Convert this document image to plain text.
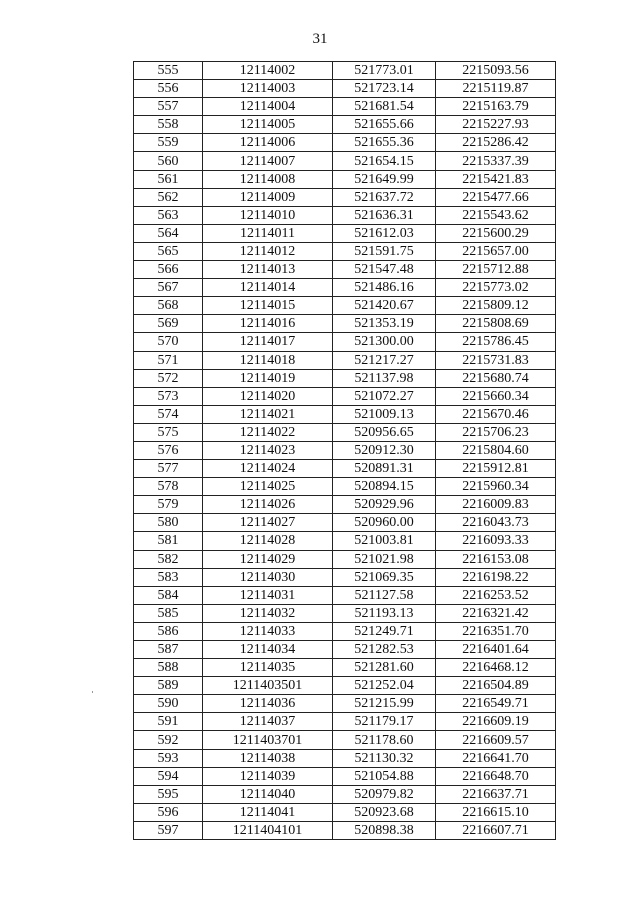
31
555	12114002	521773.01	2215093.56
556	12114003	521723.14	2215119.87
557	12114004	521681.54	2215163.79
558	12114005	521655.66	2215227.93
559	12114006	521655.36	2215286.42
560	12114007	521654.15	2215337.39
561	12114008	521649.99	2215421.83
562	12114009	521637.72	2215477.66
563	12114010	521636.31	2215543.62
564	12114011	521612.03	2215600.29
565	12114012	521591.75	2215657.00
566	12114013	521547.48	2215712.88
567	12114014	521486.16	2215773.02
568	12114015	521420.67	2215809.12
569	12114016	521353.19	2215808.69
570	12114017	521300.00	2215786.45
571	12114018	521217.27	2215731.83
572	12114019	521137.98	2215680.74
573	12114020	521072.27	2215660.34
574	12114021	521009.13	2215670.46
575	12114022	520956.65	2215706.23
576	12114023	520912.30	2215804.60
577	12114024	520891.31	2215912.81
578	12114025	520894.15	2215960.34
579	12114026	520929.96	2216009.83
580	12114027	520960.00	2216043.73
581	12114028	521003.81	2216093.33
582	12114029	521021.98	2216153.08
583	12114030	521069.35	2216198.22
584	12114031	521127.58	2216253.52
585	12114032	521193.13	2216321.42
586	12114033	521249.71	2216351.70
587	12114034	521282.53	2216401.64
588	12114035	521281.60	2216468.12
589	1211403501	521252.04	2216504.89
590	12114036	521215.99	2216549.71
591	12114037	521179.17	2216609.19
592	1211403701	521178.60	2216609.57
593	12114038	521130.32	2216641.70
594	12114039	521054.88	2216648.70
595	12114040	520979.82	2216637.71
596	12114041	520923.68	2216615.10
597	1211404101	520898.38	2216607.71
